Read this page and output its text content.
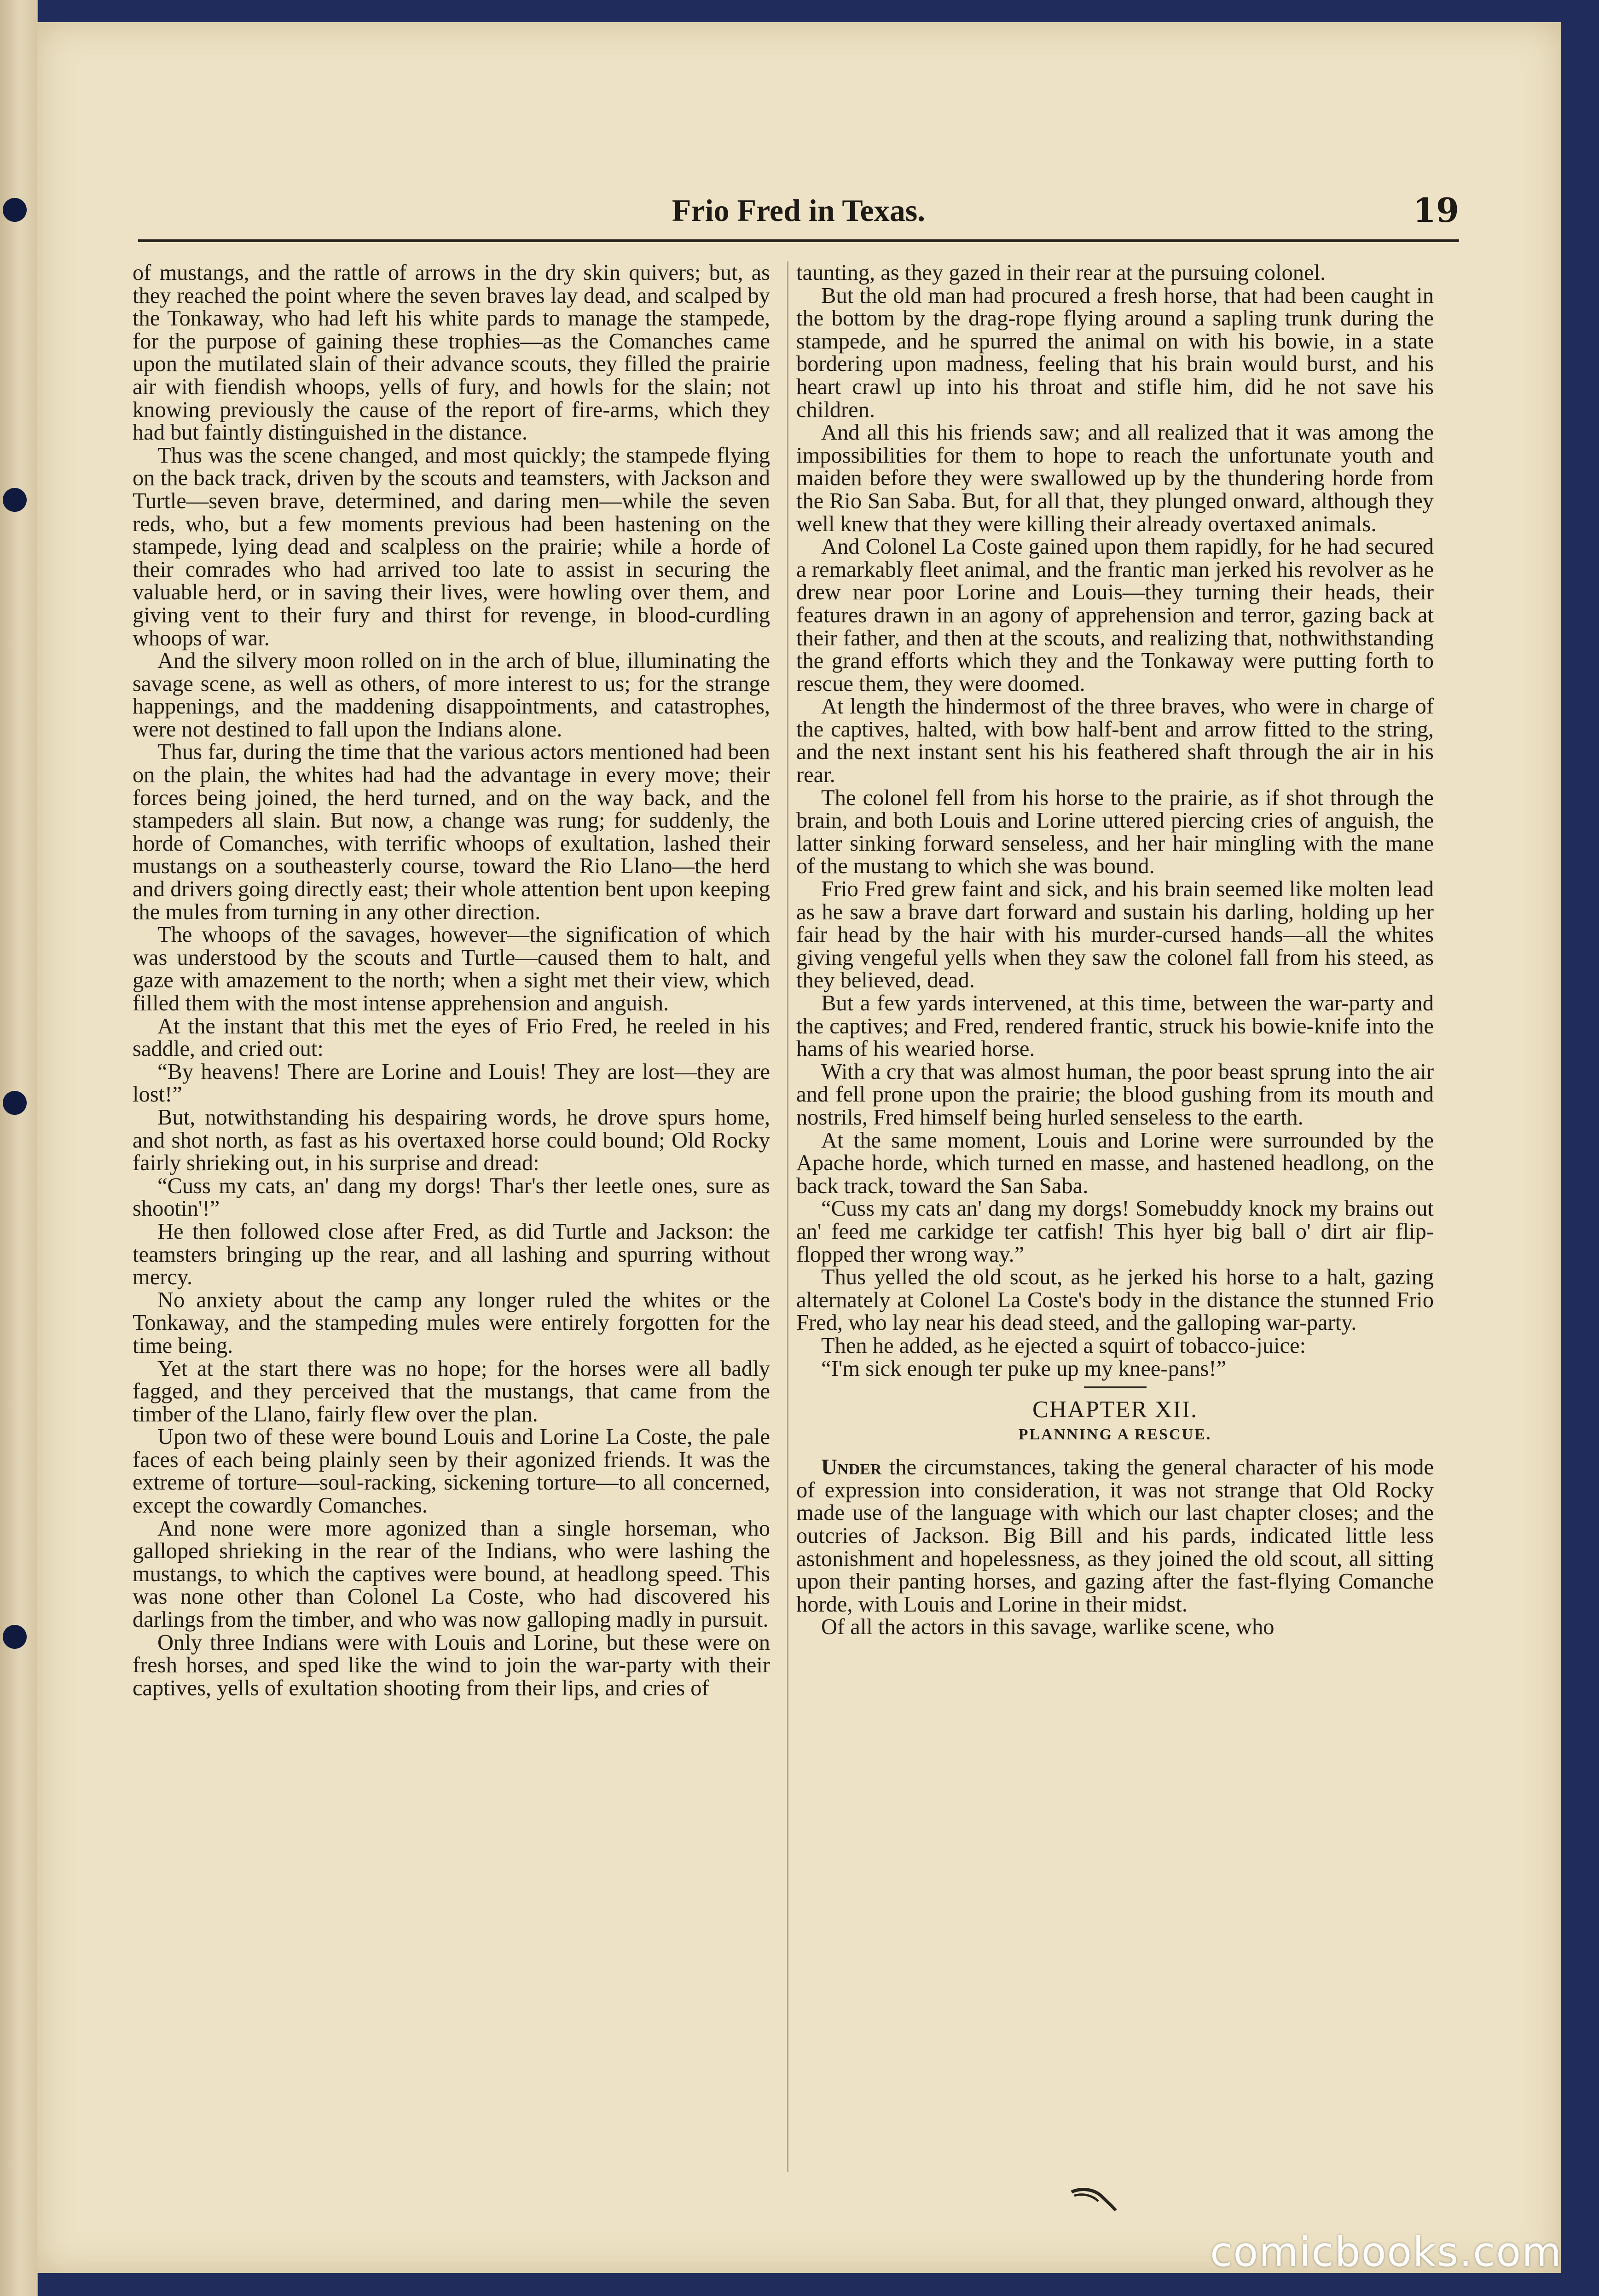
Frio Fred in Texas.	19

of mustangs, and the rattle of arrows in the dry skin quivers; but, as they reached the point where the seven braves lay dead, and scalped by the Tonkaway, who had left his white pards to manage the stampede, for the purpose of gaining these trophies—as the Comanches came upon the mutilated slain of their advance scouts, they filled the prairie air with fiendish whoops, yells of fury, and howls for the slain; not knowing previously the cause of the report of fire-arms, which they had but faintly distinguished in the distance.

Thus was the scene changed, and most quickly; the stampede flying on the back track, driven by the scouts and teamsters, with Jackson and Turtle—seven brave, determined, and daring men—while the seven reds, who, but a few moments previous had been hastening on the stampede, lying dead and scalpless on the prairie; while a horde of their comrades who had arrived too late to assist in securing the valuable herd, or in saving their lives, were howling over them, and giving vent to their fury and thirst for revenge, in blood-curdling whoops of war.

And the silvery moon rolled on in the arch of blue, illuminating the savage scene, as well as others, of more interest to us; for the strange happenings, and the maddening disappointments, and catastrophes, were not destined to fall upon the Indians alone.

Thus far, during the time that the various actors mentioned had been on the plain, the whites had had the advantage in every move; their forces being joined, the herd turned, and on the way back, and the stampeders all slain. But now, a change was rung; for suddenly, the horde of Comanches, with terrific whoops of exultation, lashed their mustangs on a southeasterly course, toward the Rio Llano—the herd and drivers going directly east; their whole attention bent upon keeping the mules from turning in any other direction.

The whoops of the savages, however—the signification of which was understood by the scouts and Turtle—caused them to halt, and gaze with amazement to the north; when a sight met their view, which filled them with the most intense apprehension and anguish.

At the instant that this met the eyes of Frio Fred, he reeled in his saddle, and cried out:

“By heavens! There are Lorine and Louis! They are lost—they are lost!”

But, notwithstanding his despairing words, he drove spurs home, and shot north, as fast as his overtaxed horse could bound; Old Rocky fairly shrieking out, in his surprise and dread:

“Cuss my cats, an' dang my dorgs! Thar's ther leetle ones, sure as shootin'!”

He then followed close after Fred, as did Turtle and Jackson: the teamsters bringing up the rear, and all lashing and spurring without mercy.

No anxiety about the camp any longer ruled the whites or the Tonkaway, and the stampeding mules were entirely forgotten for the time being.

Yet at the start there was no hope; for the horses were all badly fagged, and they perceived that the mustangs, that came from the timber of the Llano, fairly flew over the plan.

Upon two of these were bound Louis and Lorine La Coste, the pale faces of each being plainly seen by their agonized friends. It was the extreme of torture—soul-racking, sickening torture—to all concerned, except the cowardly Comanches.

And none were more agonized than a single horseman, who galloped shrieking in the rear of the Indians, who were lashing the mustangs, to which the captives were bound, at headlong speed. This was none other than Colonel La Coste, who had discovered his darlings from the timber, and who was now galloping madly in pursuit.

Only three Indians were with Louis and Lorine, but these were on fresh horses, and sped like the wind to join the war-party with their captives, yells of exultation shooting from their lips, and cries of

taunting, as they gazed in their rear at the pursuing colonel.

But the old man had procured a fresh horse, that had been caught in the bottom by the drag-rope flying around a sapling trunk during the stampede, and he spurred the animal on with his bowie, in a state bordering upon madness, feeling that his brain would burst, and his heart crawl up into his throat and stifle him, did he not save his children.

And all this his friends saw; and all realized that it was among the impossibilities for them to hope to reach the unfortunate youth and maiden before they were swallowed up by the thundering horde from the Rio San Saba. But, for all that, they plunged onward, although they well knew that they were killing their already overtaxed animals.

And Colonel La Coste gained upon them rapidly, for he had secured a remarkably fleet animal, and the frantic man jerked his revolver as he drew near poor Lorine and Louis—they turning their heads, their features drawn in an agony of apprehension and terror, gazing back at their father, and then at the scouts, and realizing that, nothwithstanding the grand efforts which they and the Tonkaway were putting forth to rescue them, they were doomed.

At length the hindermost of the three braves, who were in charge of the captives, halted, with bow half-bent and arrow fitted to the string, and the next instant sent his his feathered shaft through the air in his rear.

The colonel fell from his horse to the prairie, as if shot through the brain, and both Louis and Lorine uttered piercing cries of anguish, the latter sinking forward senseless, and her hair mingling with the mane of the mustang to which she was bound.

Frio Fred grew faint and sick, and his brain seemed like molten lead as he saw a brave dart forward and sustain his darling, holding up her fair head by the hair with his murder-cursed hands—all the whites giving vengeful yells when they saw the colonel fall from his steed, as they believed, dead.

But a few yards intervened, at this time, between the war-party and the captives; and Fred, rendered frantic, struck his bowie-knife into the hams of his wearied horse.

With a cry that was almost human, the poor beast sprung into the air and fell prone upon the prairie; the blood gushing from its mouth and nostrils, Fred himself being hurled senseless to the earth.

At the same moment, Louis and Lorine were surrounded by the Apache horde, which turned en masse, and hastened headlong, on the back track, toward the San Saba.

“Cuss my cats an' dang my dorgs! Somebuddy knock my brains out an' feed me carkidge ter catfish! This hyer big ball o' dirt air flip-flopped ther wrong way.”

Thus yelled the old scout, as he jerked his horse to a halt, gazing alternately at Colonel La Coste's body in the distance the stunned Frio Fred, who lay near his dead steed, and the galloping war-party.

Then he added, as he ejected a squirt of tobacco-juice:

“I'm sick enough ter puke up my knee-pans!”

CHAPTER XII.
PLANNING A RESCUE.

Under the circumstances, taking the general character of his mode of expression into consideration, it was not strange that Old Rocky made use of the language with which our last chapter closes; and the outcries of Jackson. Big Bill and his pards, indicated little less astonishment and hopelessness, as they joined the old scout, all sitting upon their panting horses, and gazing after the fast-flying Comanche horde, with Louis and Lorine in their midst.

Of all the actors in this savage, warlike scene, who

comicbooks.com
